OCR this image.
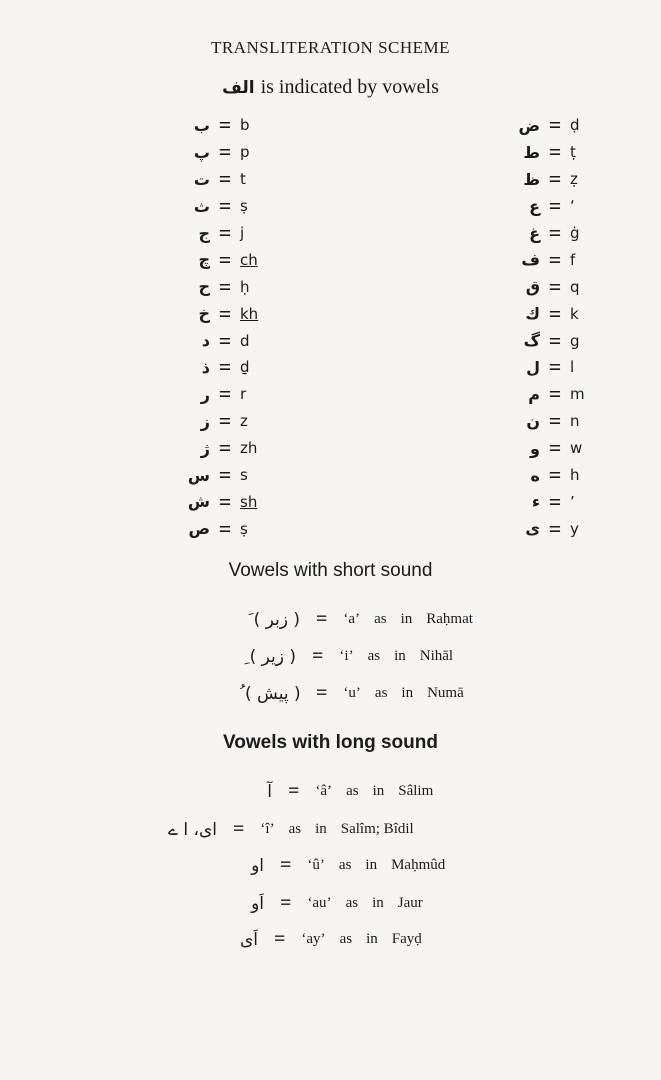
TRANSLITERATION SCHEME
الف is indicated by vowels
ب = b
پ = p
ت = t
ث = ṣ
ج = j
چ = ch
ح = ḥ
خ = kh
د = d
ذ = ḏ
ر = r
ز = z
ژ = zh
س = s
ش = sh
ص = ṣ
ض = ḍ
ط = ṭ
ظ = ẓ
ع = ‘
غ = ġ
ف = f
ق = q
ك = k
گ = g
ل = l
م = m
ن = n
و = w
ه = h
ء = ’
ی = y
Vowels with short sound
َ ( زبر ) = ‘a’ as in Raḥmat
ِ ( زیر ) = ‘i’ as in Nihāl
ُ ( پیش ) = ‘u’ as in Numā
Vowels with long sound
آ = ‘â’ as in Sâlim
ای، ا ے = ‘î’ as in Salîm; Bîdil
او = ‘û’ as in Maḥmûd
اَو = ‘au’ as in Jaur
اَی = ‘ay’ as in Fayḍ
